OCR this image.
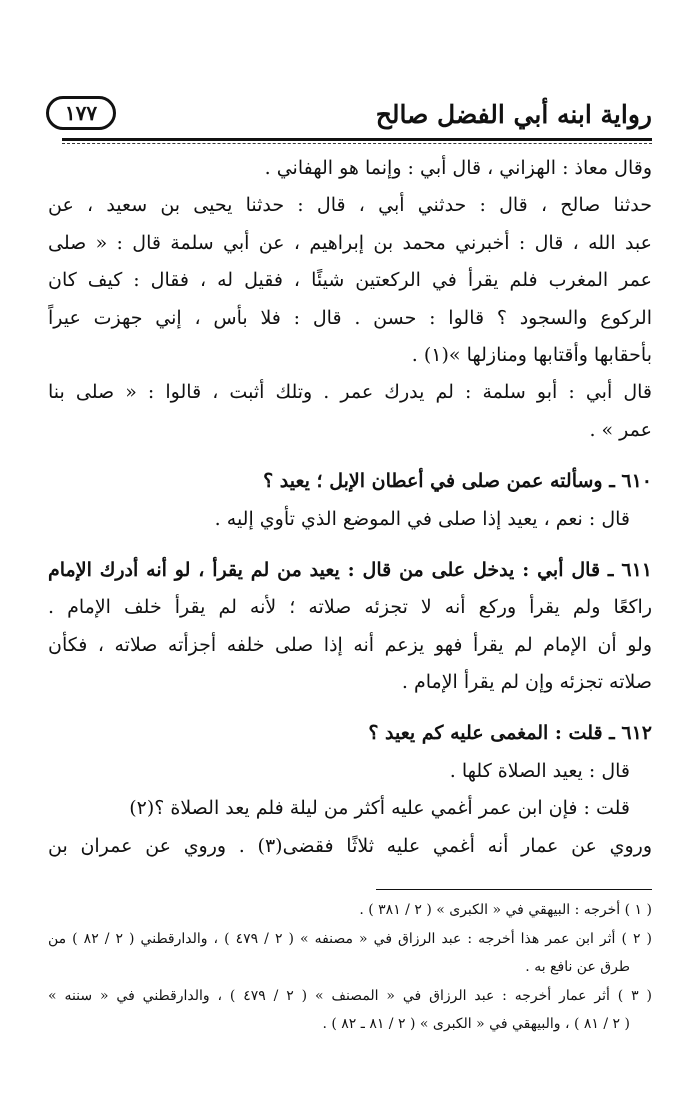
رواية ابنه أبي الفضل صالح
١٧٧
وقال معاذ : الهزاني ، قال أبي : وإنما هو الهفاني .
حدثنا صالح ، قال : حدثني أبي ، قال : حدثنا يحيى بن سعيد ، عن
عبد الله ، قال : أخبرني محمد بن إبراهيم ، عن أبي سلمة قال : « صلى
عمر المغرب فلم يقرأ في الركعتين شيئًا ، فقيل له ، فقال : كيف كان
الركوع والسجود ؟ قالوا : حسن . قال : فلا بأس ، إني جهزت عيراً
بأحقابها وأقتابها ومنازلها »(١) .
قال أبي : أبو سلمة : لم يدرك عمر . وتلك أثبت ، قالوا : « صلى بنا
عمر » .
٦١٠ ـ وسألته عمن صلى في أعطان الإبل ؛ يعيد ؟
قال : نعم ، يعيد إذا صلى في الموضع الذي تأوي إليه .
٦١١ ـ قال أبي : يدخل على من قال : يعيد من لم يقرأ ، لو أنه أدرك الإمام
راكعًا ولم يقرأ وركع أنه لا تجزئه صلاته ؛ لأنه لم يقرأ خلف الإمام .
ولو أن الإمام لم يقرأ فهو يزعم أنه إذا صلى خلفه أجزأته صلاته ، فكأن
صلاته تجزئه وإن لم يقرأ الإمام .
٦١٢ ـ قلت : المغمى عليه كم يعيد ؟
قال : يعيد الصلاة كلها .
قلت : فإن ابن عمر أغمي عليه أكثر من ليلة فلم يعد الصلاة ؟(٢)
وروي عن عمار أنه أغمي عليه ثلاثًا فقضى(٣) . وروي عن عمران بن
( ١ ) أخرجه : البيهقي في « الكبرى » ( ٢ / ٣٨١ ) .
( ٢ ) أثر ابن عمر هذا أخرجه : عبد الرزاق في « مصنفه » ( ٢ / ٤٧٩ ) ، والدارقطني ( ٢ / ٨٢ ) من
طرق عن نافع به .
( ٣ ) أثر عمار أخرجه : عبد الرزاق في « المصنف » ( ٢ / ٤٧٩ ) ، والدارقطني في « سننه »
( ٢ / ٨١ ) ، والبيهقي في « الكبرى » ( ٢ / ٨١ ـ ٨٢ ) .
